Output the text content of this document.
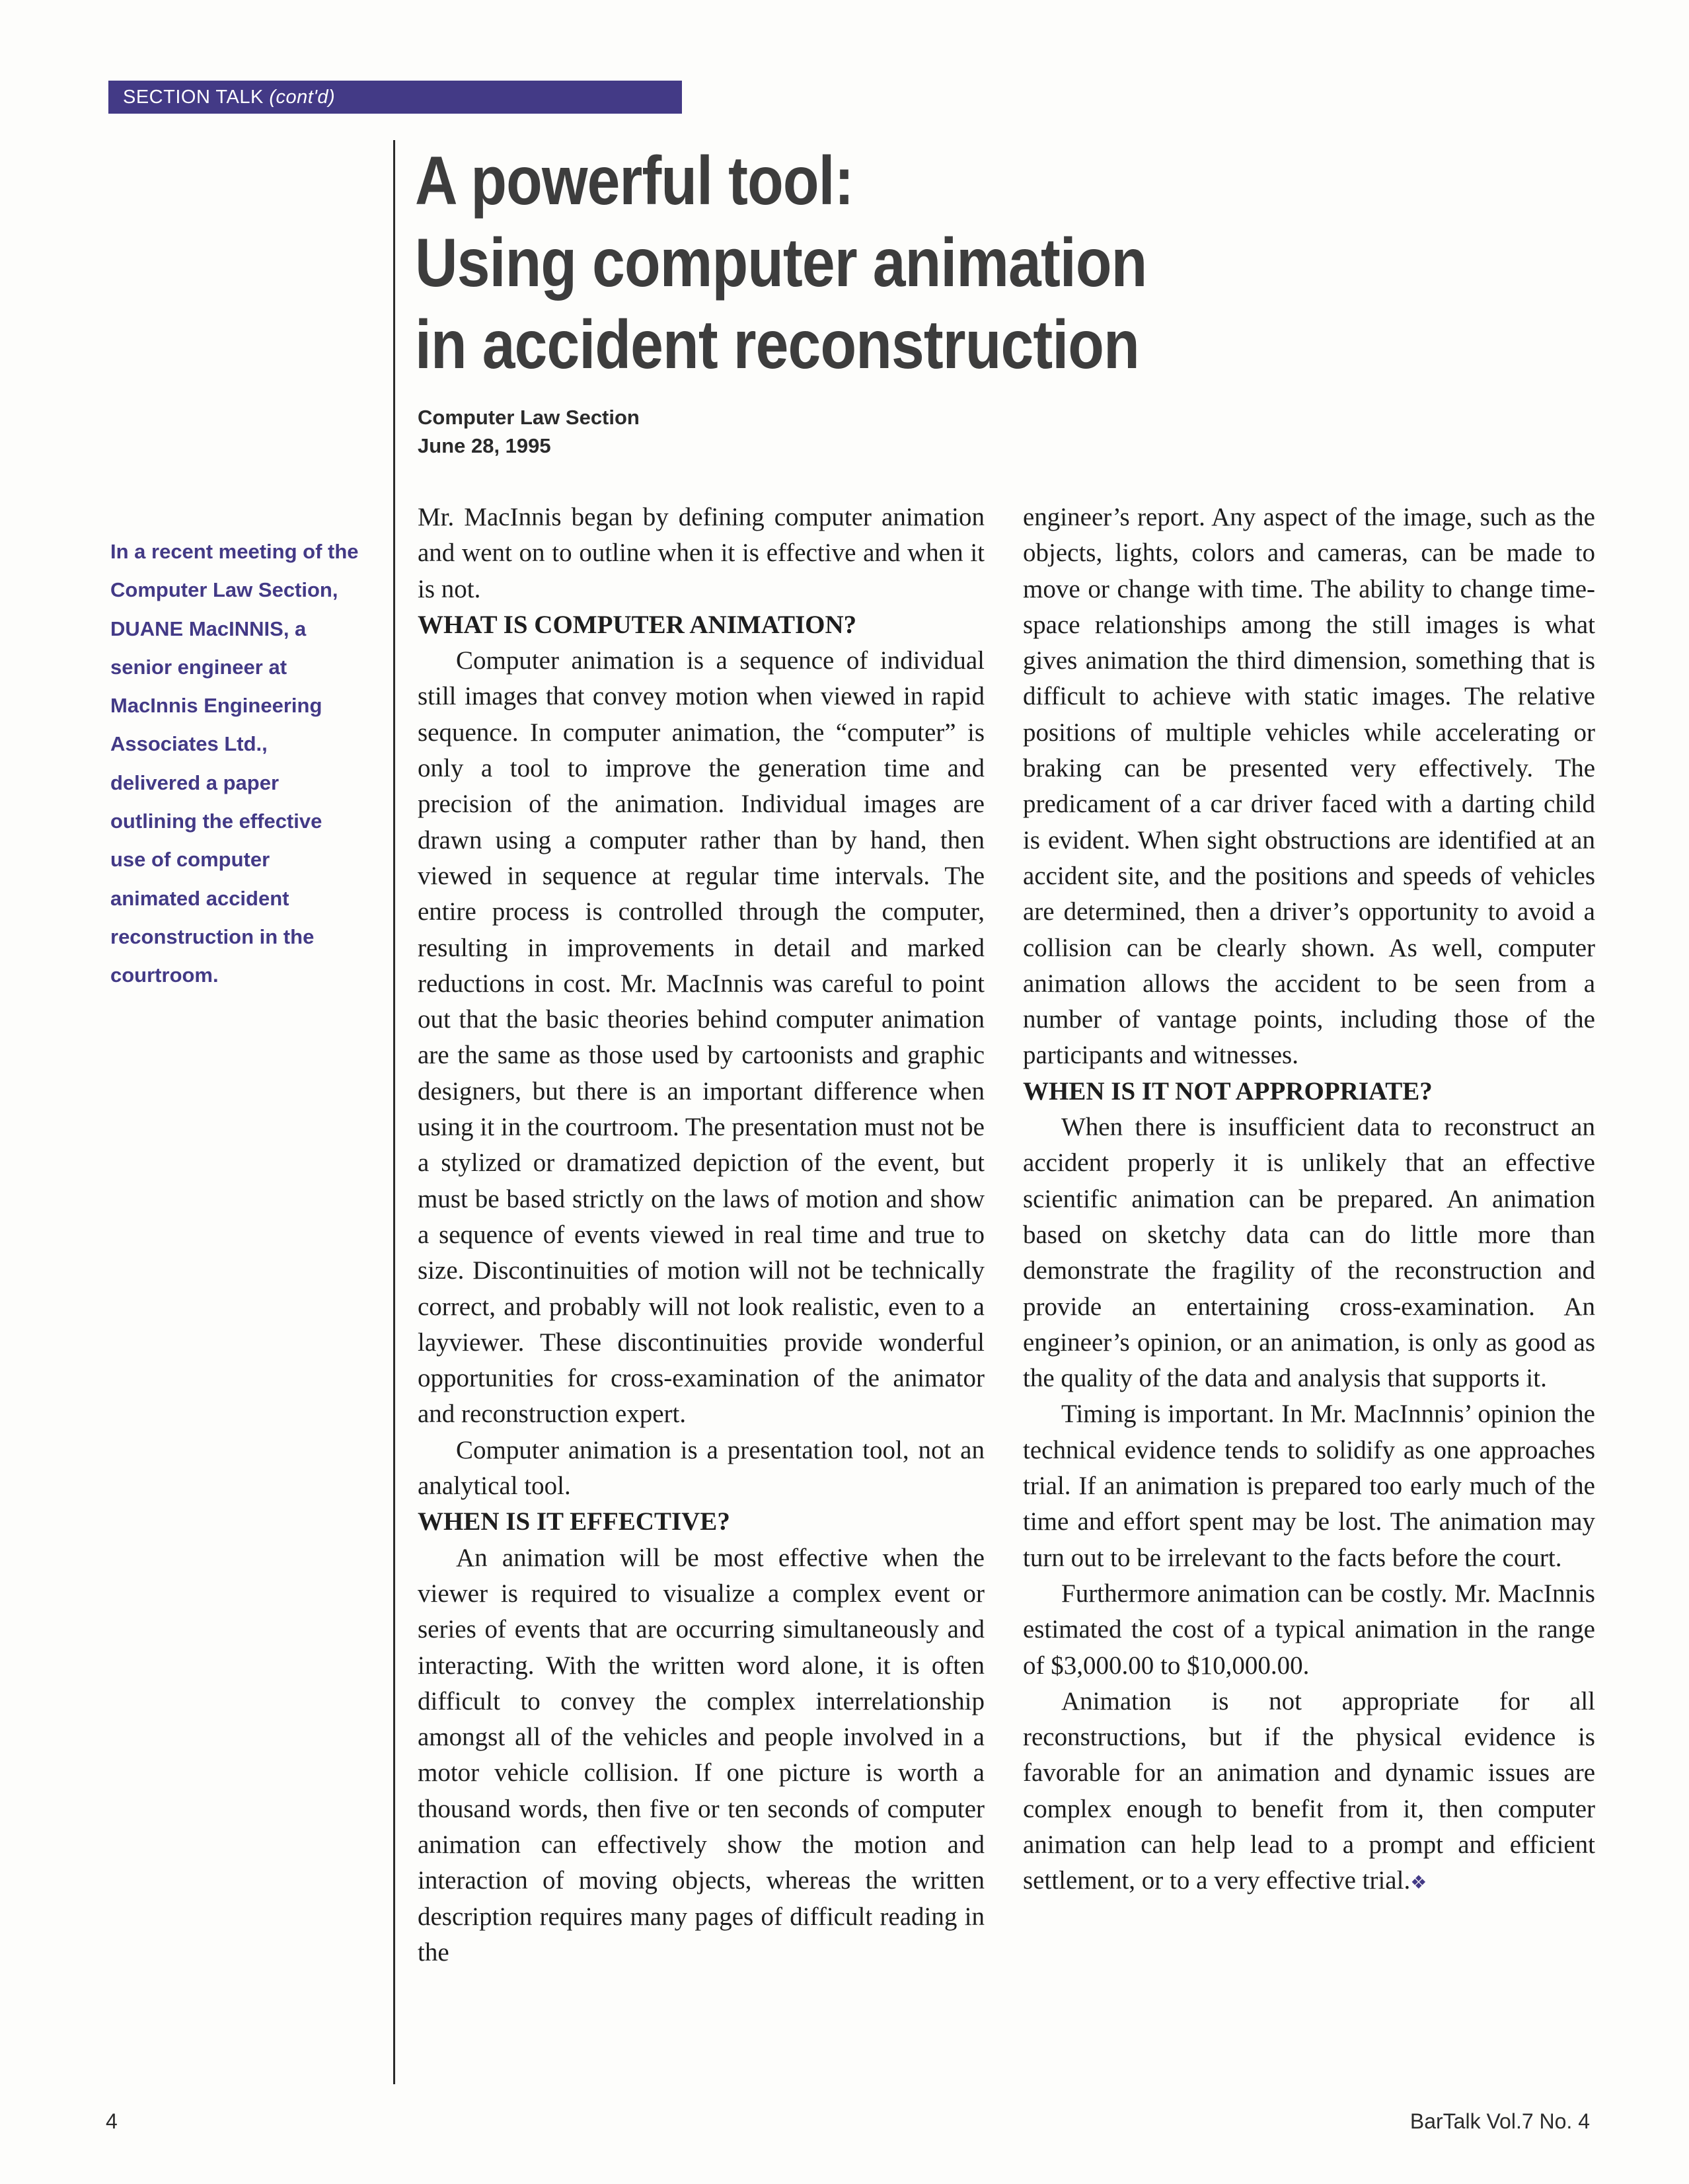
SECTION TALK (cont'd)
A powerful tool:
Using computer animation
in accident reconstruction
Computer Law Section
June 28, 1995
In a recent meeting of the Computer Law Section, DUANE MacINNIS, a senior engineer at MacInnis Engineering Associates Ltd., delivered a paper outlining the effective use of computer animated accident reconstruction in the courtroom.

Mr. MacInnis began by defining computer animation and went on to outline when it is effective and when it is not.

WHAT IS COMPUTER ANIMATION?

Computer animation is a sequence of individual still images that convey motion when viewed in rapid sequence. In computer animation, the “computer” is only a tool to improve the generation time and precision of the animation. Individual images are drawn using a computer rather than by hand, then viewed in sequence at regular time intervals. The entire process is controlled through the computer, resulting in improvements in detail and marked reductions in cost. Mr. MacInnis was careful to point out that the basic theories behind computer animation are the same as those used by cartoonists and graphic designers, but there is an important difference when using it in the courtroom. The presentation must not be a stylized or dramatized depiction of the event, but must be based strictly on the laws of motion and show a sequence of events viewed in real time and true to size. Discontinuities of motion will not be technically correct, and probably will not look realistic, even to a layviewer. These discontinuities provide wonderful opportunities for cross-examination of the animator and reconstruction expert.

Computer animation is a presentation tool, not an analytical tool.

WHEN IS IT EFFECTIVE?

An animation will be most effective when the viewer is required to visualize a complex event or series of events that are occurring simultaneously and interacting. With the written word alone, it is often difficult to convey the complex interrelationship amongst all of the vehicles and people involved in a motor vehicle collision. If one picture is worth a thousand words, then five or ten seconds of computer animation can effectively show the motion and interaction of moving objects, whereas the written description requires many pages of difficult reading in the

engineer’s report. Any aspect of the image, such as the objects, lights, colors and cameras, can be made to move or change with time. The ability to change time-space relationships among the still images is what gives animation the third dimension, something that is difficult to achieve with static images. The relative positions of multiple vehicles while accelerating or braking can be presented very effectively. The predicament of a car driver faced with a darting child is evident. When sight obstructions are identified at an accident site, and the positions and speeds of vehicles are determined, then a driver’s opportunity to avoid a collision can be clearly shown. As well, computer animation allows the accident to be seen from a number of vantage points, including those of the participants and witnesses.

WHEN IS IT NOT APPROPRIATE?

When there is insufficient data to reconstruct an accident properly it is unlikely that an effective scientific animation can be prepared. An animation based on sketchy data can do little more than demonstrate the fragility of the reconstruction and provide an entertaining cross-examination. An engineer’s opinion, or an animation, is only as good as the quality of the data and analysis that supports it.

Timing is important. In Mr. MacInnnis’ opinion the technical evidence tends to solidify as one approaches trial. If an animation is prepared too early much of the time and effort spent may be lost. The animation may turn out to be irrelevant to the facts before the court.

Furthermore animation can be costly. Mr. MacInnis estimated the cost of a typical animation in the range of $3,000.00 to $10,000.00.

Animation is not appropriate for all reconstructions, but if the physical evidence is favorable for an animation and dynamic issues are complex enough to benefit from it, then computer animation can help lead to a prompt and efficient settlement, or to a very effective trial.❖

4	BarTalk Vol.7 No. 4
